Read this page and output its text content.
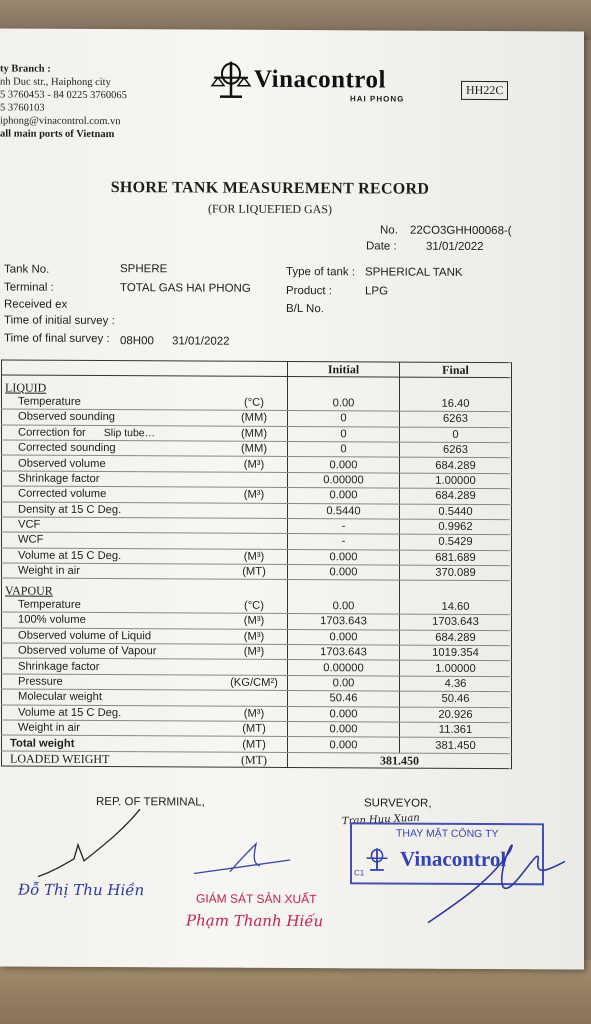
ty Branch :
nh Duc str., Haiphong city
5 3760453 - 84 0225 3760065
5 3760103
iphong@vinacontrol.com.vn
all main ports of Vietnam
Vinacontrol
HAI PHONG
HH22C
SHORE TANK MEASUREMENT RECORD
(FOR LIQUEFIED GAS)
No. 22CO3GHH00068-(
Date :	31/01/2022
Tank No.	SPHERE
Terminal :	TOTAL GAS HAI PHONG
Received ex
Time of initial survey :
Time of final survey : 08H00 31/01/2022
Type of tank : SPHERICAL TANK
Product :	LPG
B/L No.
		Initial	Final
LIQUID			
Temperature	(°C)	0.00	16.40
Observed sounding	(MM)	0	6263
Correction for Slip tube…	(MM)	0	0
Corrected sounding	(MM)	0	6263
Observed volume	(M³)	0.000	684.289
Shrinkage factor		0.00000	1.00000
Corrected volume	(M³)	0.000	684.289
Density at 15 C Deg.		0.5440	0.5440
VCF		-	0.9962
WCF		-	0.5429
Volume at 15 C Deg.	(M³)	0.000	681.689
Weight in air	(MT)	0.000	370.089
VAPOUR			
Temperature	(°C)	0.00	14.60
100% volume	(M³)	1703.643	1703.643
Observed volume of Liquid	(M³)	0.000	684.289
Observed volume of Vapour	(M³)	1703.643	1019.354
Shrinkage factor		0.00000	1.00000
Pressure	(KG/CM²)	0.00	4.36
Molecular weight		50.46	50.46
Volume at 15 C Deg.	(M³)	0.000	20.926
Weight in air	(MT)	0.000	11.361
Total weight	(MT)	0.000	381.450
LOADED WEIGHT	(MT)	381.450	
REP. OF TERMINAL,	SURVEYOR,
Tran Huu Xuan
THAY MẶT CÔNG TY
Vinacontrol
C1
Đỗ Thị Thu Hiền	GIÁM SÁT SẢN XUẤT
Phạm Thanh Hiếu
